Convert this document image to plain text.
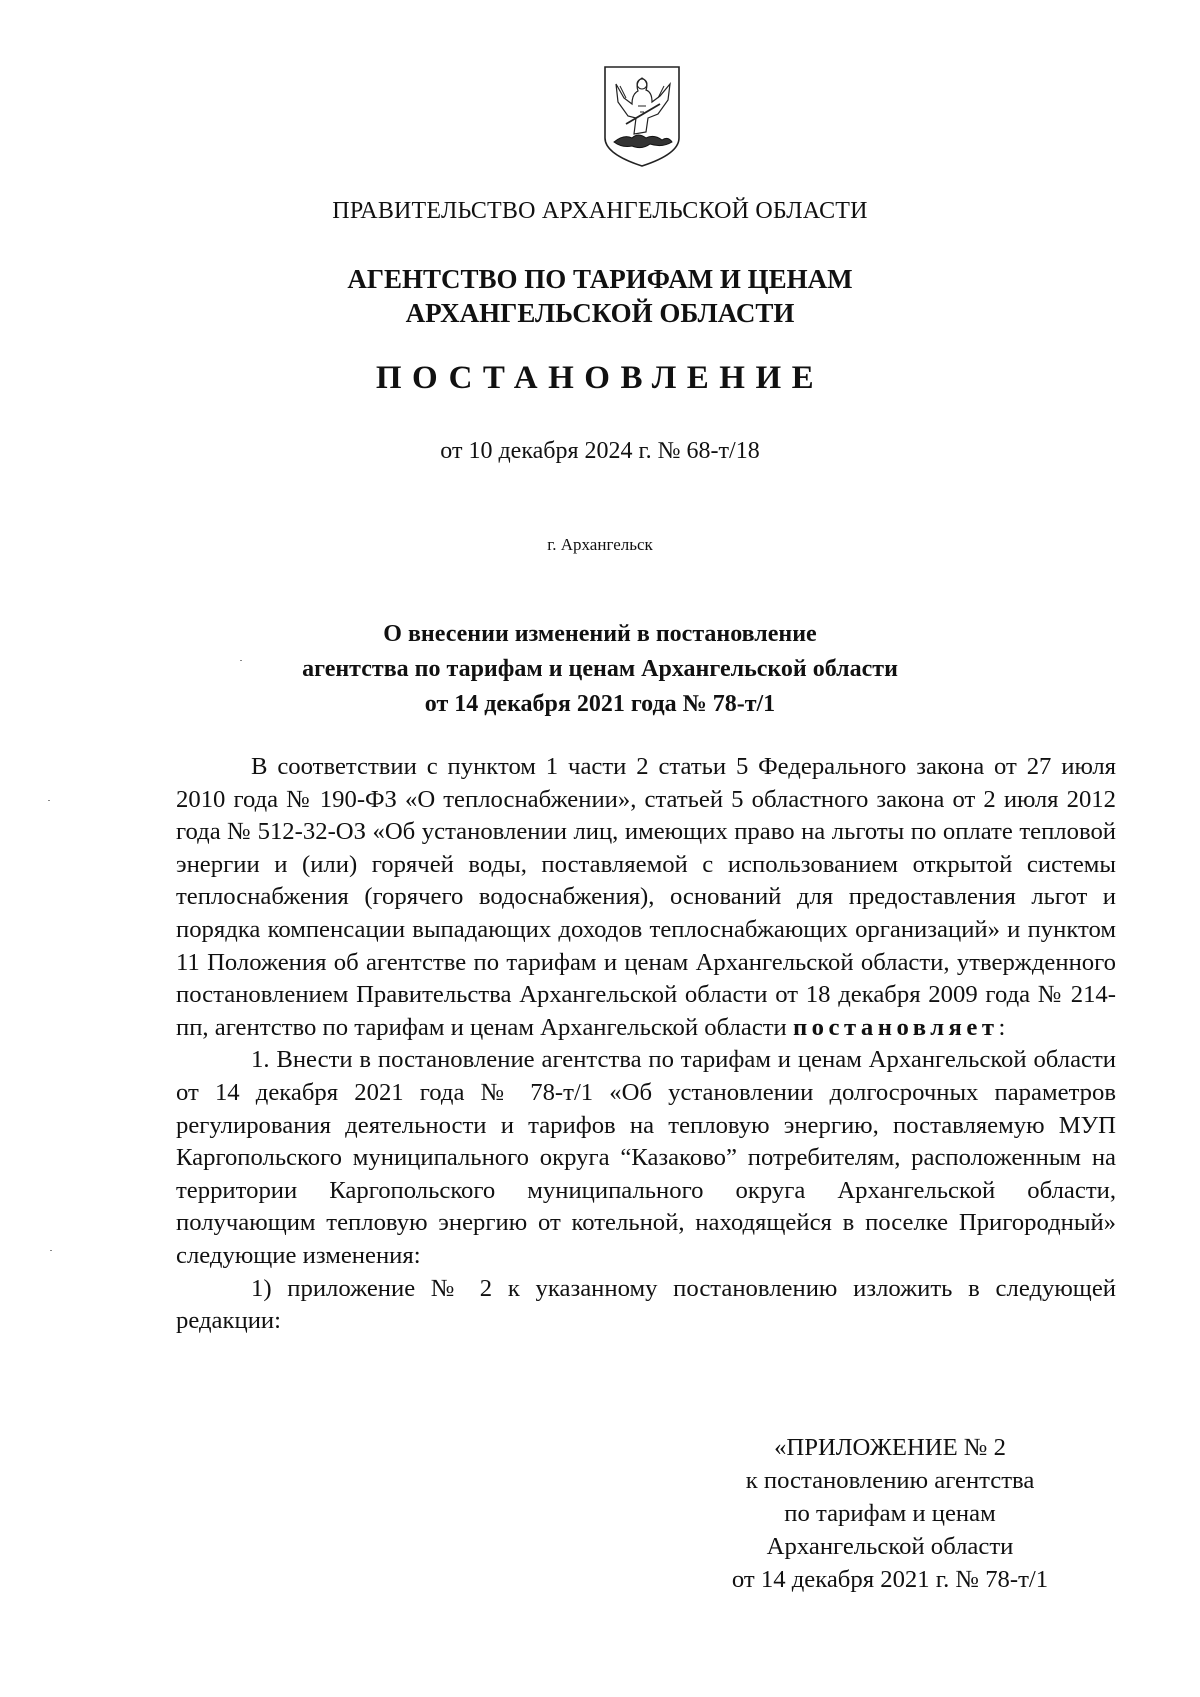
ПРАВИТЕЛЬСТВО АРХАНГЕЛЬСКОЙ ОБЛАСТИ
АГЕНТСТВО ПО ТАРИФАМ И ЦЕНАМ
АРХАНГЕЛЬСКОЙ ОБЛАСТИ
ПОСТАНОВЛЕНИЕ
от 10 декабря 2024 г. № 68-т/18
г. Архангельск
О внесении изменений в постановление
агентства по тарифам и ценам Архангельской области
от 14 декабря 2021 года № 78-т/1

В соответствии с пунктом 1 части 2 статьи 5 Федерального закона от 27 июля 2010 года № 190-ФЗ «О теплоснабжении», статьей 5 областного закона от 2 июля 2012 года № 512-32-ОЗ «Об установлении лиц, имеющих право на льготы по оплате тепловой энергии и (или) горячей воды, поставляемой с использованием открытой системы теплоснабжения (горячего водоснабжения), оснований для предоставления льгот и порядка компенсации выпадающих доходов теплоснабжающих организаций» и пунктом 11 Положения об агентстве по тарифам и ценам Архангельской области, утвержденного постановлением Правительства Архангельской области от 18 декабря 2009 года № 214-пп, агентство по тарифам и ценам Архангельской области постановляет:

1. Внести в постановление агентства по тарифам и ценам Архангельской области от 14 декабря 2021 года № 78-т/1 «Об установлении долгосрочных параметров регулирования деятельности и тарифов на тепловую энергию, поставляемую МУП Каргопольского муниципального округа “Казаково” потребителям, расположенным на территории Каргопольского муниципального округа Архангельской области, получающим тепловую энергию от котельной, находящейся в поселке Пригородный» следующие изменения:

1) приложение № 2 к указанному постановлению изложить в следующей редакции:

«ПРИЛОЖЕНИЕ № 2
к постановлению агентства
по тарифам и ценам
Архангельской области
от 14 декабря 2021 г. № 78-т/1
